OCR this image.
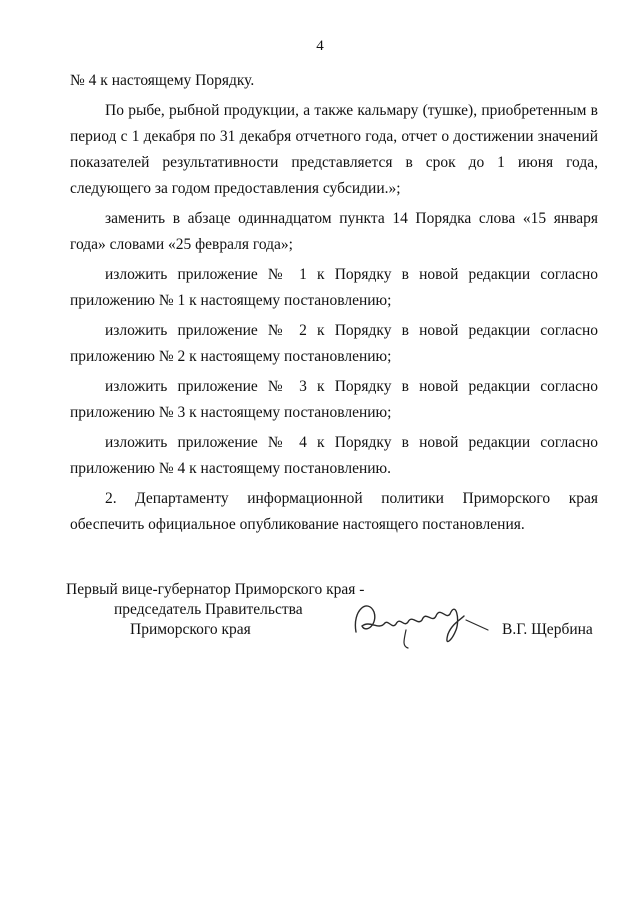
4

№ 4 к настоящему Порядку.

По рыбе, рыбной продукции, а также кальмару (тушке), приобретенным в период с 1 декабря по 31 декабря отчетного года, отчет о достижении значений показателей результативности представляется в срок до 1 июня года, следующего за годом предоставления субсидии.»;

заменить в абзаце одиннадцатом пункта 14 Порядка слова «15 января года» словами «25 февраля года»;

изложить приложение № 1 к Порядку в новой редакции согласно приложению № 1 к настоящему постановлению;

изложить приложение № 2 к Порядку в новой редакции согласно приложению № 2 к настоящему постановлению;

изложить приложение № 3 к Порядку в новой редакции согласно приложению № 3 к настоящему постановлению;

изложить приложение № 4 к Порядку в новой редакции согласно приложению № 4 к настоящему постановлению.

2. Департаменту информационной политики Приморского края обеспечить официальное опубликование настоящего постановления.

Первый вице-губернатор Приморского края -
председатель Правительства
Приморского края	В.Г. Щербина
